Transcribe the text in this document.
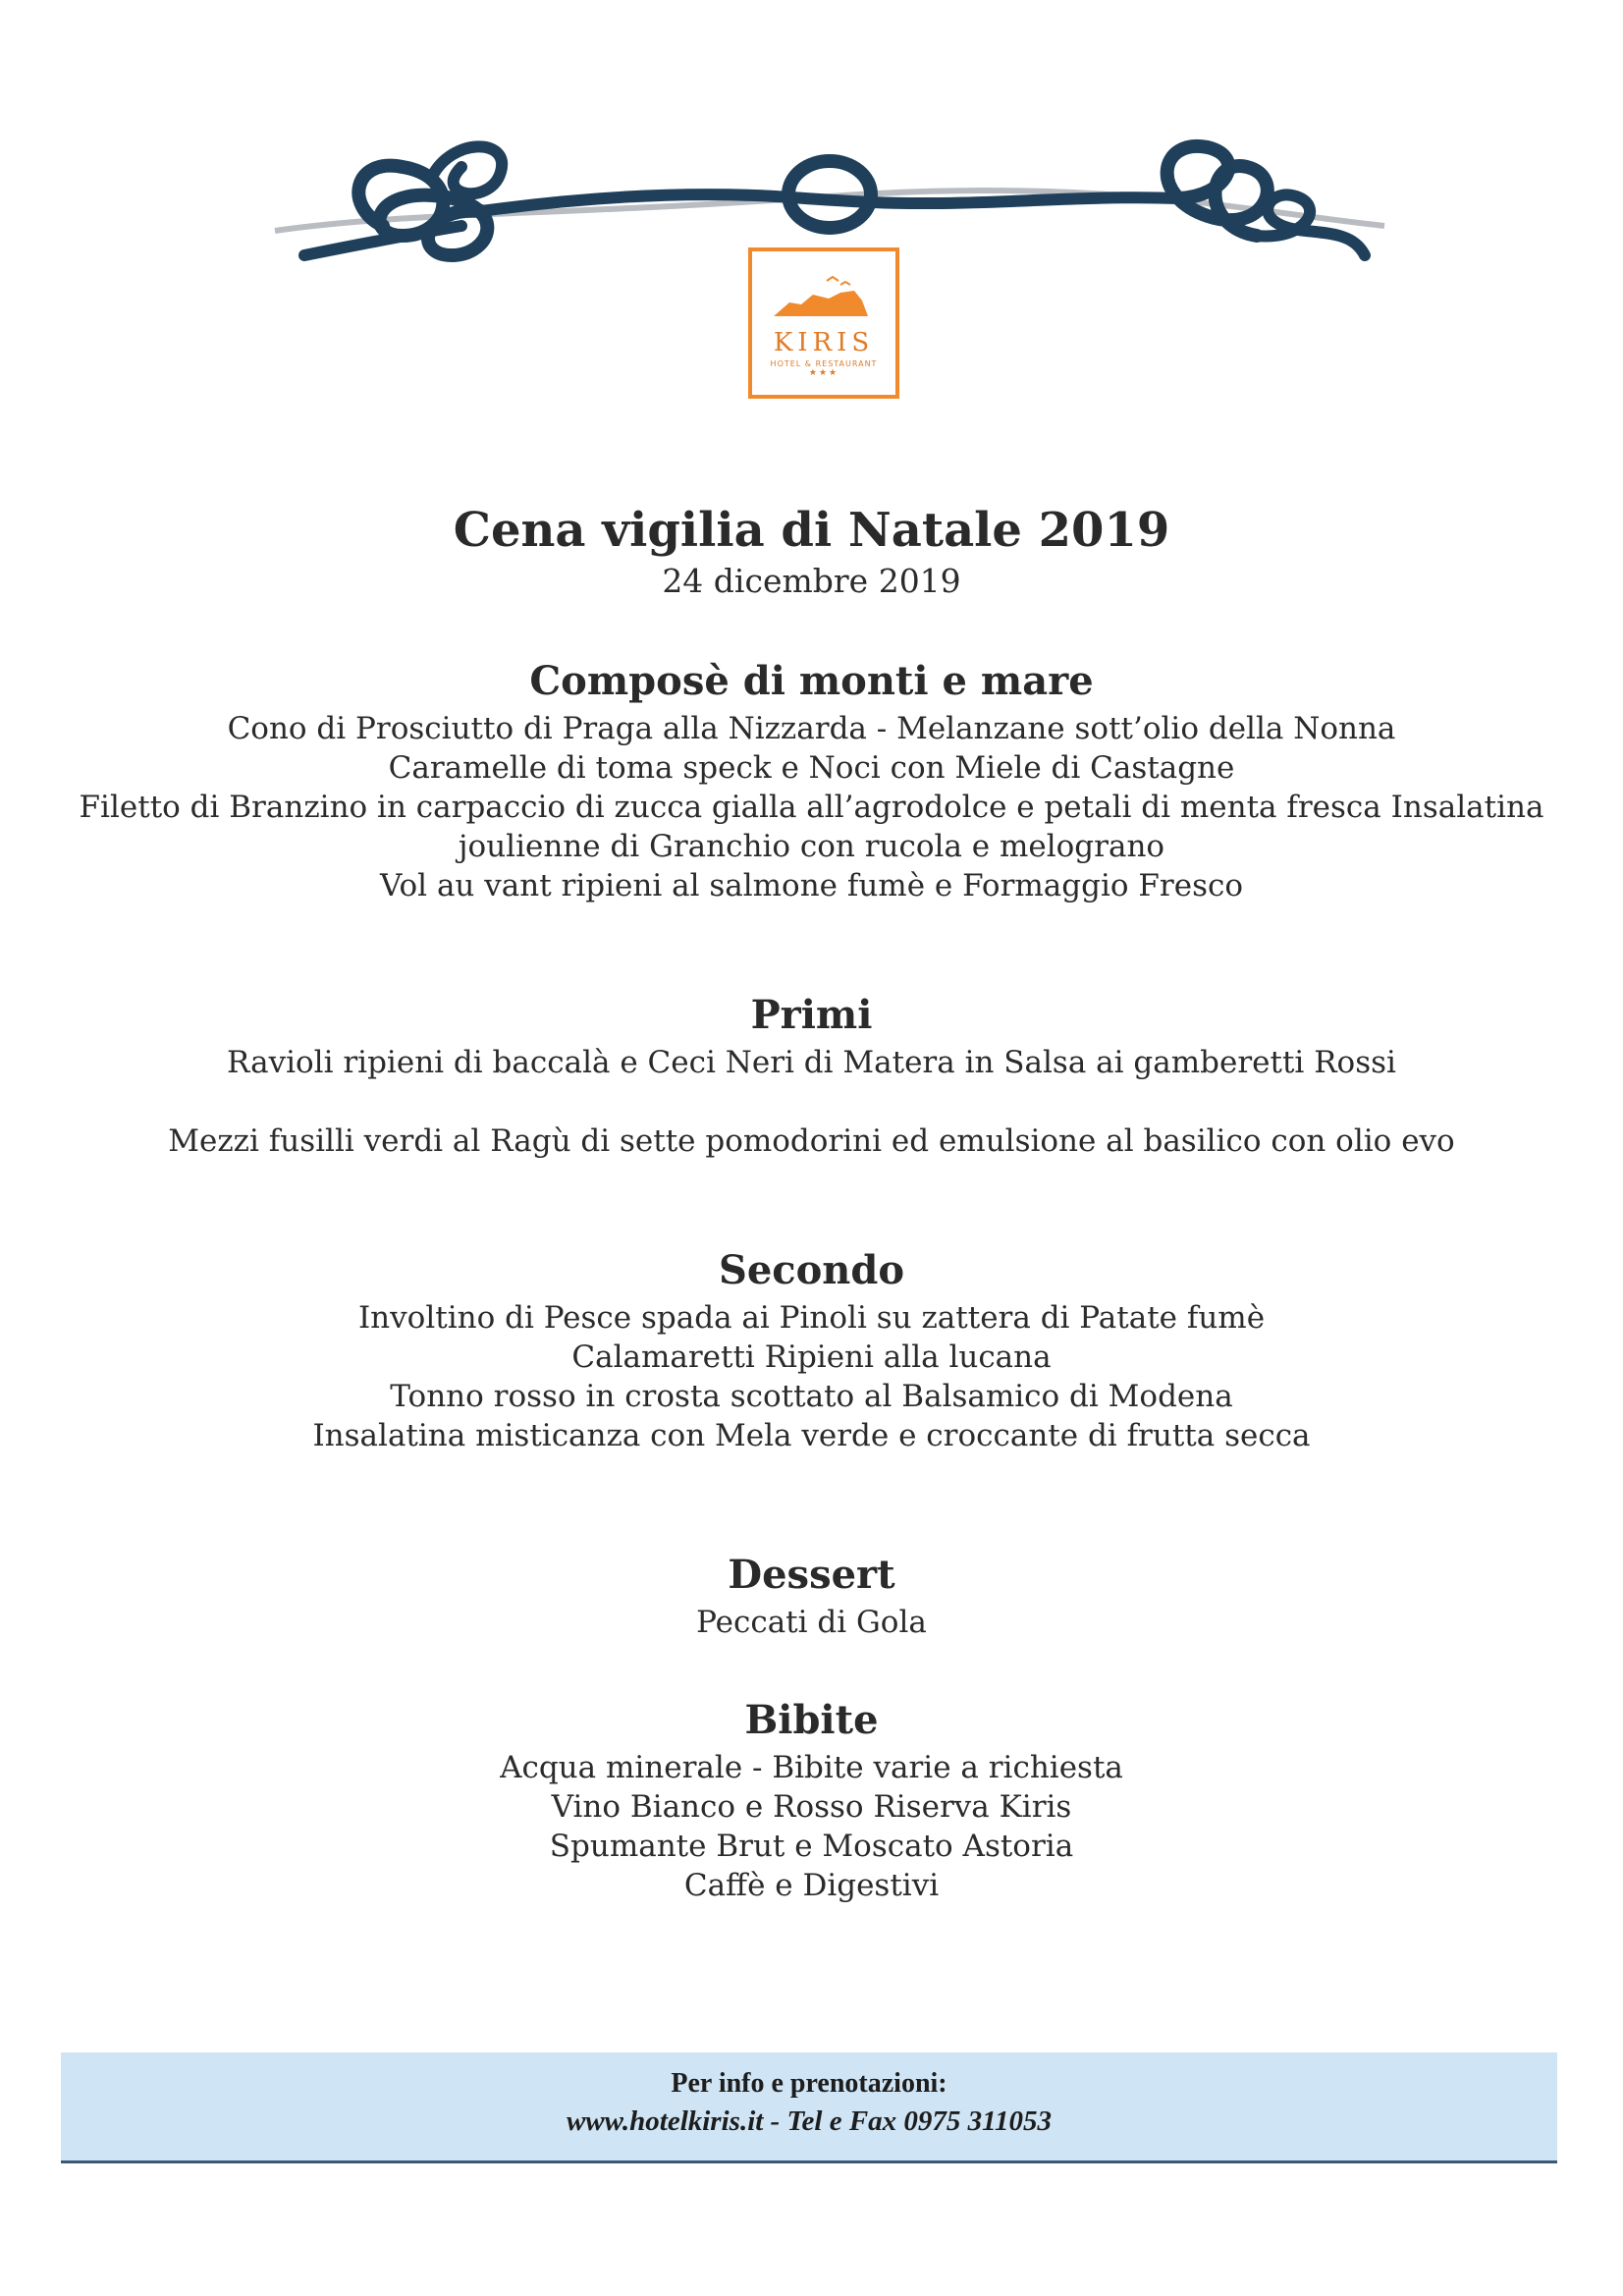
KIRIS
HOTEL & RESTAURANT
★★★
Cena vigilia di Natale 2019

24 dicembre 2019

Composè di monti e mare

Cono di Prosciutto di Praga alla Nizzarda - Melanzane sott’olio della Nonna

Caramelle di toma speck e Noci con Miele di Castagne

Filetto di Branzino in carpaccio di zucca gialla all’agrodolce e petali di menta fresca Insalatina

joulienne di Granchio con rucola e melograno

Vol au vant ripieni al salmone fumè e Formaggio Fresco

Primi

Ravioli ripieni di baccalà e Ceci Neri di Matera in Salsa ai gamberetti Rossi

Mezzi fusilli verdi al Ragù di sette pomodorini ed emulsione al basilico con olio evo

Secondo

Involtino di Pesce spada ai Pinoli su zattera di Patate fumè

Calamaretti Ripieni alla lucana

Tonno rosso in crosta scottato al Balsamico di Modena

Insalatina misticanza con Mela verde e croccante di frutta secca

Dessert

Peccati di Gola

Bibite

Acqua minerale - Bibite varie a richiesta

Vino Bianco e Rosso Riserva Kiris

Spumante Brut e Moscato Astoria

Caffè e Digestivi

Per info e prenotazioni:
www.hotelkiris.it - Tel e Fax 0975 311053
